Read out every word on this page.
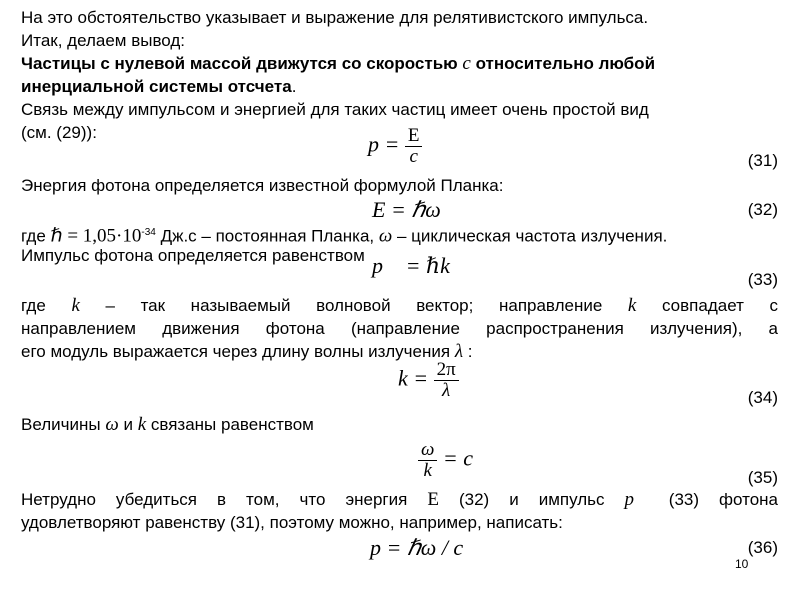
На это обстоятельство указывает и выражение для релятивистского импульса.
Итак, делаем вывод:
Частицы с нулевой массой движутся со скоростью c относительно любой
инерциальной системы отсчета.
Связь между импульсом и энергией для таких частиц имеет очень простой вид
(см. (29)):	$p = \frac{E}{c}$	(31)
Энергия фотона определяется известной формулой Планка:
E = ℏω	(32)
где ℏ = $1,05\cdot 10^{-34}$ Дж.с – постоянная Планка, ω – циклическая частота излучения.
Импульс фотона определяется равенством p⃗ = ℏk⃗
(33)
где k – так называемый волновой вектор; направление k совпадает с
направлением движения фотона (направление распространения излучения), а
его модуль выражается через длину волны излучения λ :
$k = \frac{2\pi}{\lambda}$	(34)
Величины ω и k связаны равенством
$\frac{\omega}{k} = c$
(35)
Нетрудно убедиться в том, что энергия E (32) и импульс p⃗ (33) фотона
удовлетворяют равенству (31), поэтому можно, например, написать:
p = ℏω / c	(36)
10
